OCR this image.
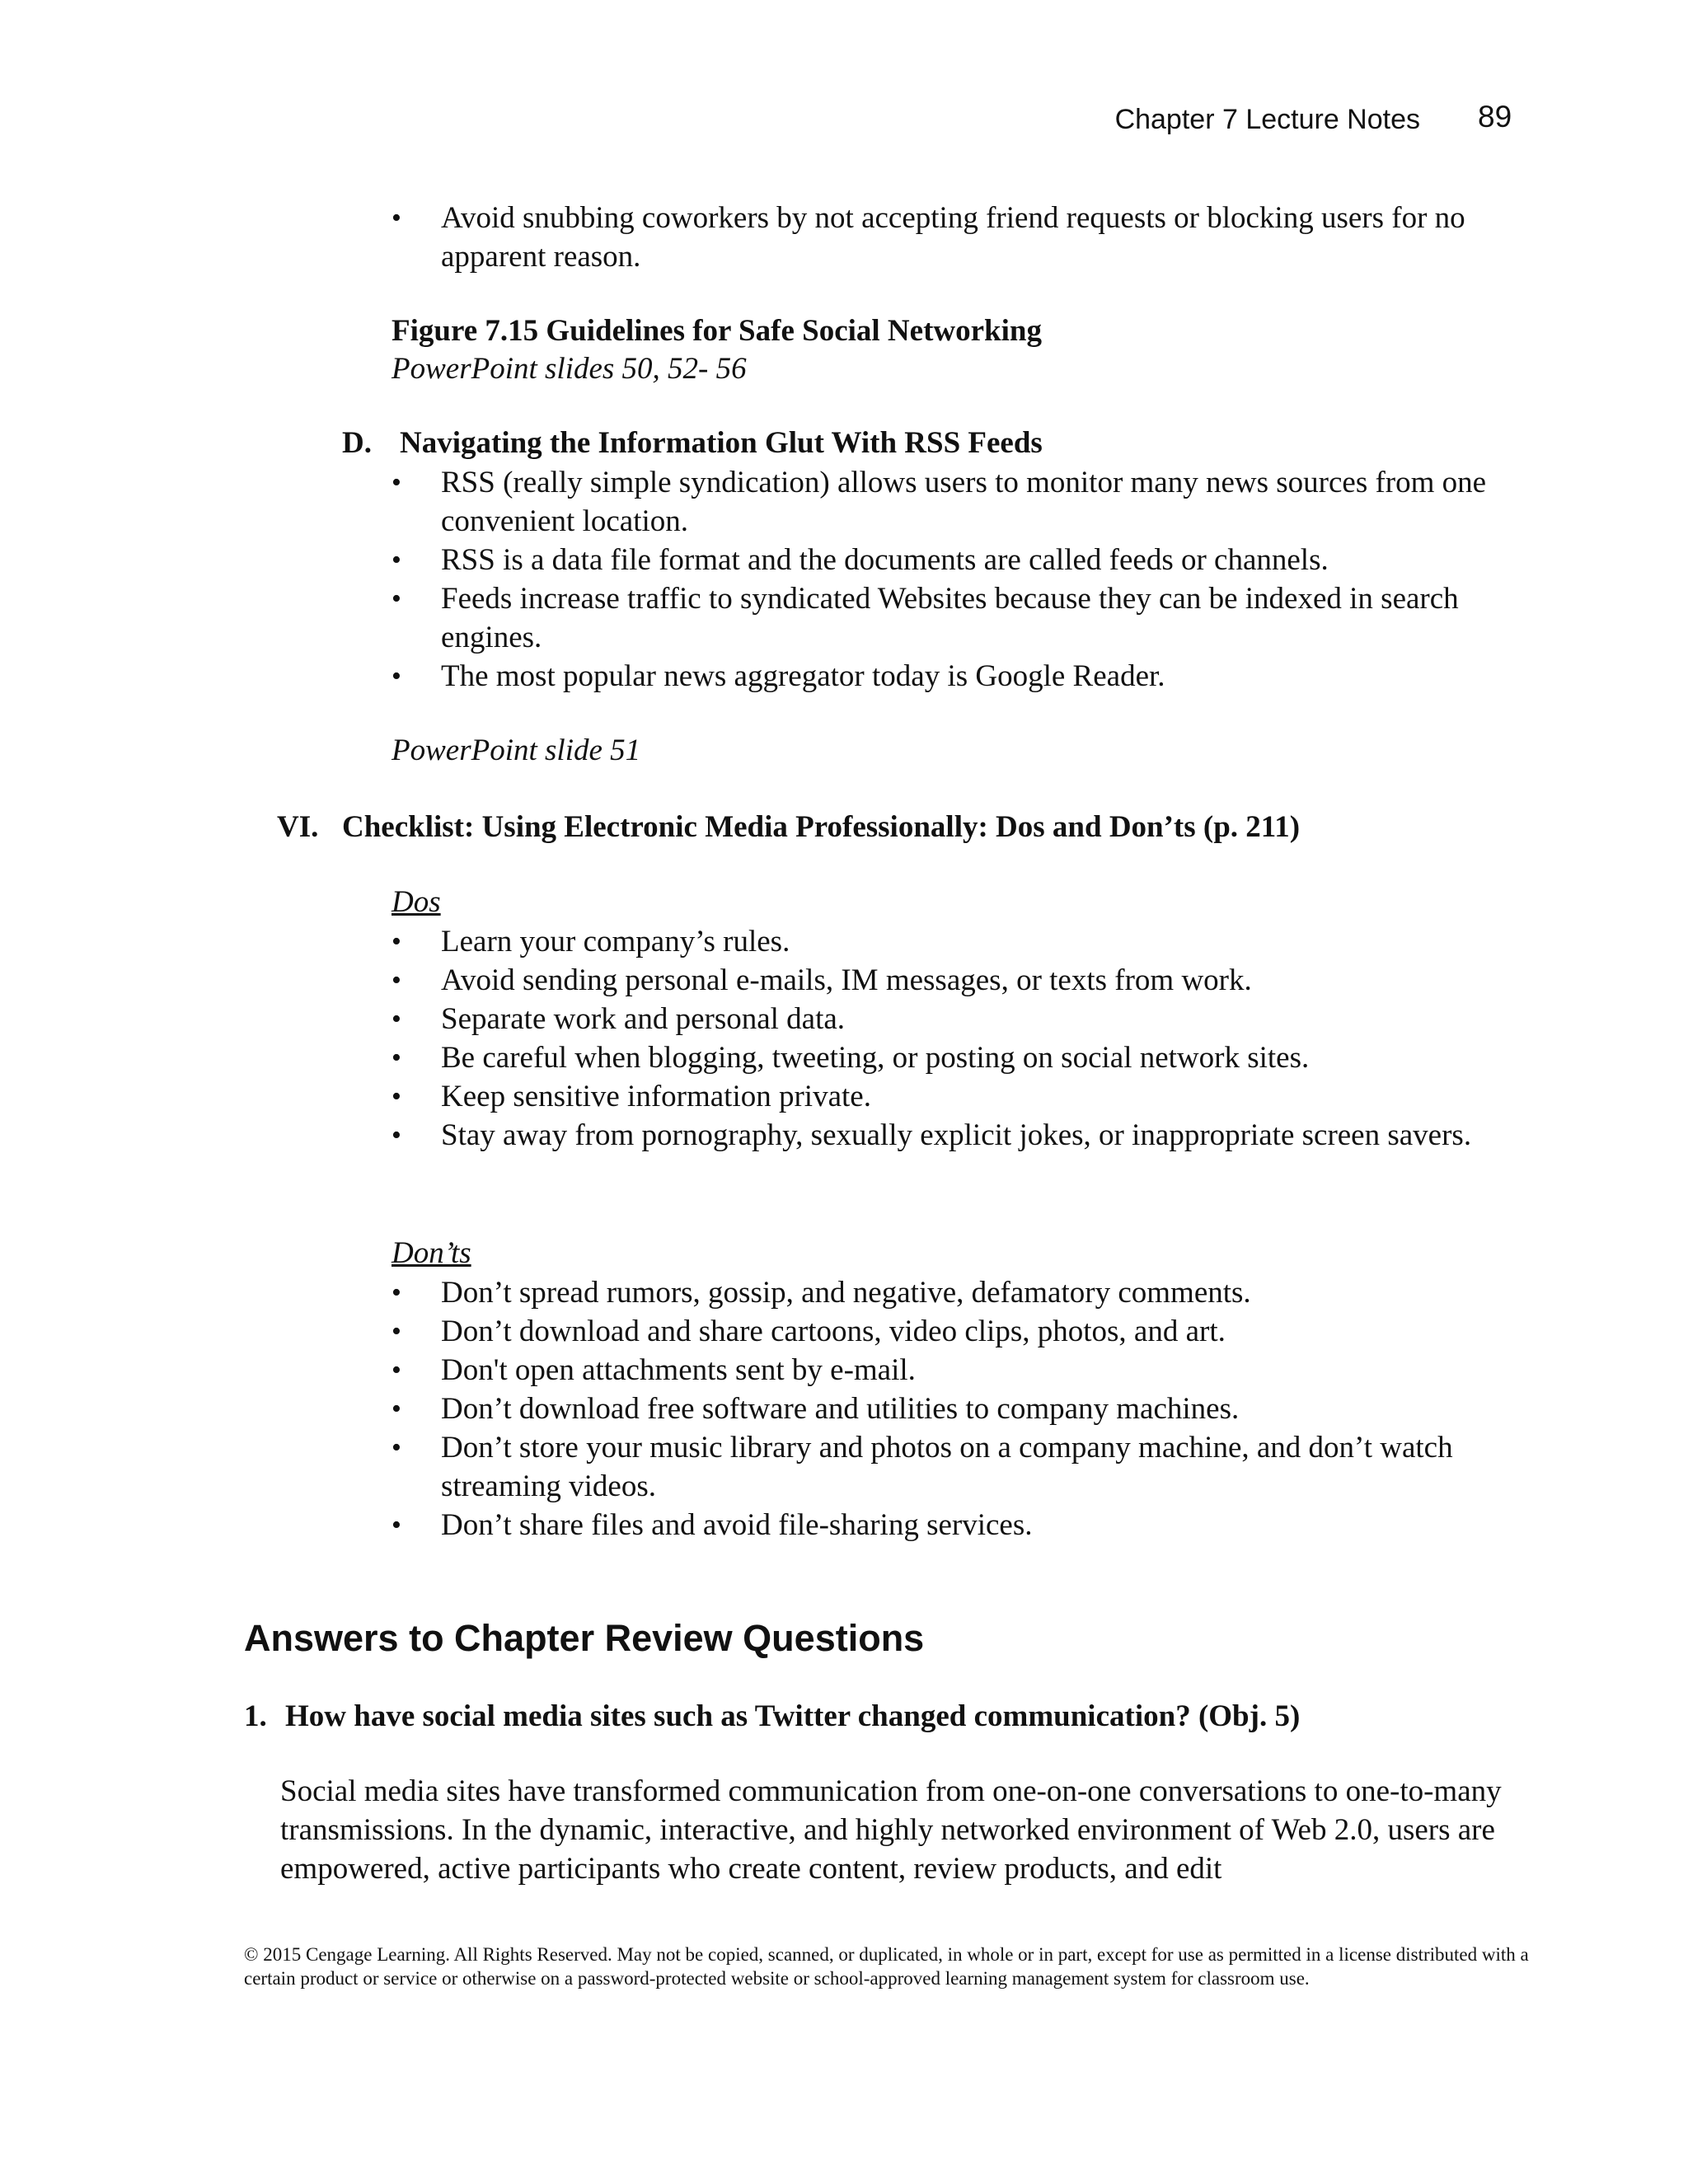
Chapter 7 Lecture Notes 89
• Avoid snubbing coworkers by not accepting friend requests or blocking users for no apparent reason.
Figure 7.15 Guidelines for Safe Social Networking
PowerPoint slides 50, 52- 56
D. Navigating the Information Glut With RSS Feeds
• RSS (really simple syndication) allows users to monitor many news sources from one convenient location.
• RSS is a data file format and the documents are called feeds or channels.
• Feeds increase traffic to syndicated Websites because they can be indexed in search engines.
• The most popular news aggregator today is Google Reader.
PowerPoint slide 51
VI. Checklist: Using Electronic Media Professionally: Dos and Don’ts (p. 211)
Dos
• Learn your company’s rules.
• Avoid sending personal e-mails, IM messages, or texts from work.
• Separate work and personal data.
• Be careful when blogging, tweeting, or posting on social network sites.
• Keep sensitive information private.
• Stay away from pornography, sexually explicit jokes, or inappropriate screen savers.
Don’ts
• Don’t spread rumors, gossip, and negative, defamatory comments.
• Don’t download and share cartoons, video clips, photos, and art.
• Don't open attachments sent by e-mail.
• Don’t download free software and utilities to company machines.
• Don’t store your music library and photos on a company machine, and don’t watch streaming videos.
• Don’t share files and avoid file-sharing services.
Answers to Chapter Review Questions
1. How have social media sites such as Twitter changed communication? (Obj. 5)
Social media sites have transformed communication from one-on-one conversations to one-to-many transmissions. In the dynamic, interactive, and highly networked environment of Web 2.0, users are empowered, active participants who create content, review products, and edit
© 2015 Cengage Learning. All Rights Reserved. May not be copied, scanned, or duplicated, in whole or in part, except for use as permitted in a license distributed with a certain product or service or otherwise on a password-protected website or school-approved learning management system for classroom use.
